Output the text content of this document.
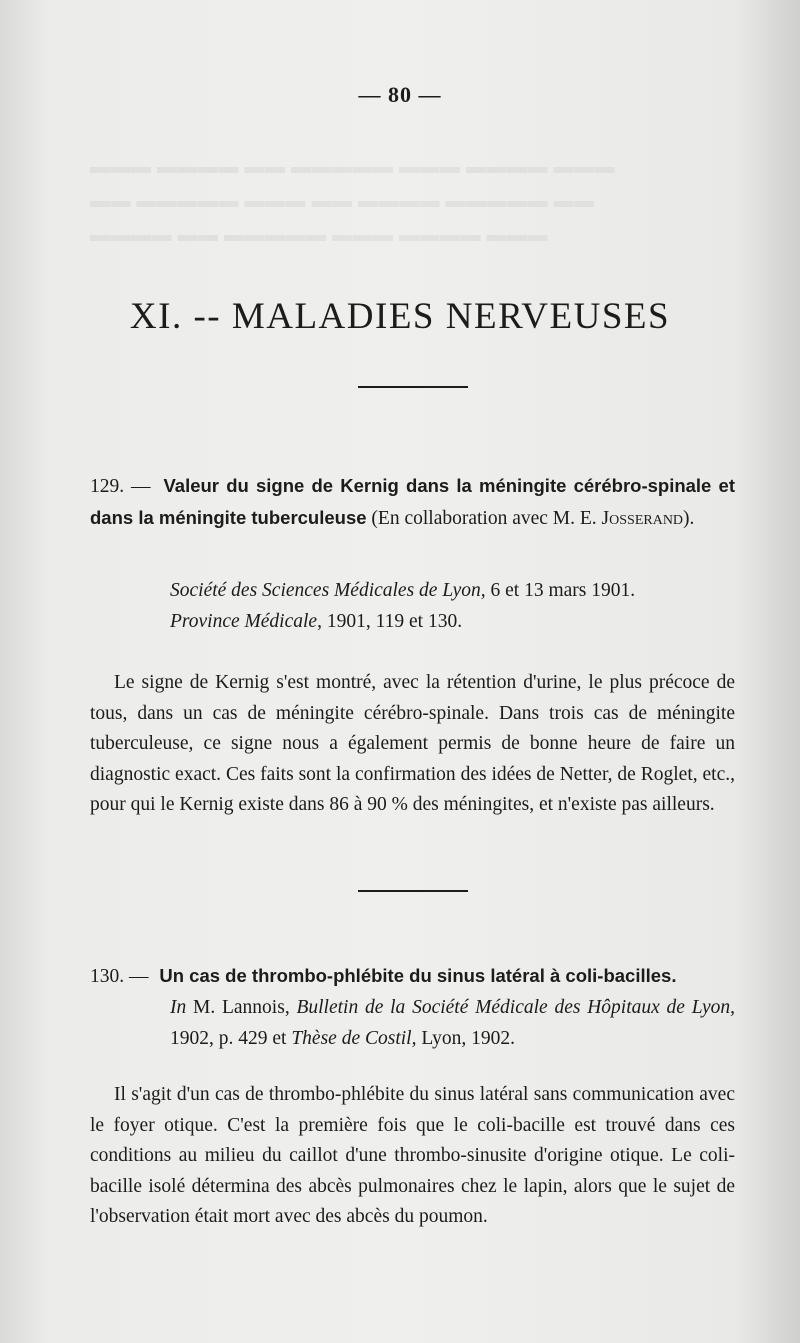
▬▬▬ ▬▬▬▬ ▬▬ ▬▬▬▬▬ ▬▬▬ ▬▬▬▬ ▬▬▬
▬▬ ▬▬▬▬▬ ▬▬▬ ▬▬ ▬▬▬▬ ▬▬▬▬▬ ▬▬
▬▬▬▬ ▬▬ ▬▬▬▬▬ ▬▬▬ ▬▬▬▬ ▬▬▬
— 80 —
XI. -- MALADIES NERVEUSES
129. — Valeur du signe de Kernig dans la méningite cérébro-spinale et dans la méningite tuberculeuse (En collaboration avec M. E. Josserand).
Société des Sciences Médicales de Lyon, 6 et 13 mars 1901.
Province Médicale, 1901, 119 et 130.
Le signe de Kernig s'est montré, avec la rétention d'urine, le plus précoce de tous, dans un cas de méningite cérébro-spinale. Dans trois cas de méningite tuberculeuse, ce signe nous a également permis de bonne heure de faire un diagnostic exact. Ces faits sont la confirmation des idées de Netter, de Roglet, etc., pour qui le Kernig existe dans 86 à 90 % des méningites, et n'existe pas ailleurs.
130. — Un cas de thrombo-phlébite du sinus latéral à coli-bacilles.
In M. Lannois, Bulletin de la Société Médicale des Hôpitaux de Lyon, 1902, p. 429 et Thèse de Costil, Lyon, 1902.
Il s'agit d'un cas de thrombo-phlébite du sinus latéral sans communication avec le foyer otique. C'est la première fois que le coli-bacille est trouvé dans ces conditions au milieu du caillot d'une thrombo-sinusite d'origine otique. Le coli-bacille isolé détermina des abcès pulmonaires chez le lapin, alors que le sujet de l'observation était mort avec des abcès du poumon.
